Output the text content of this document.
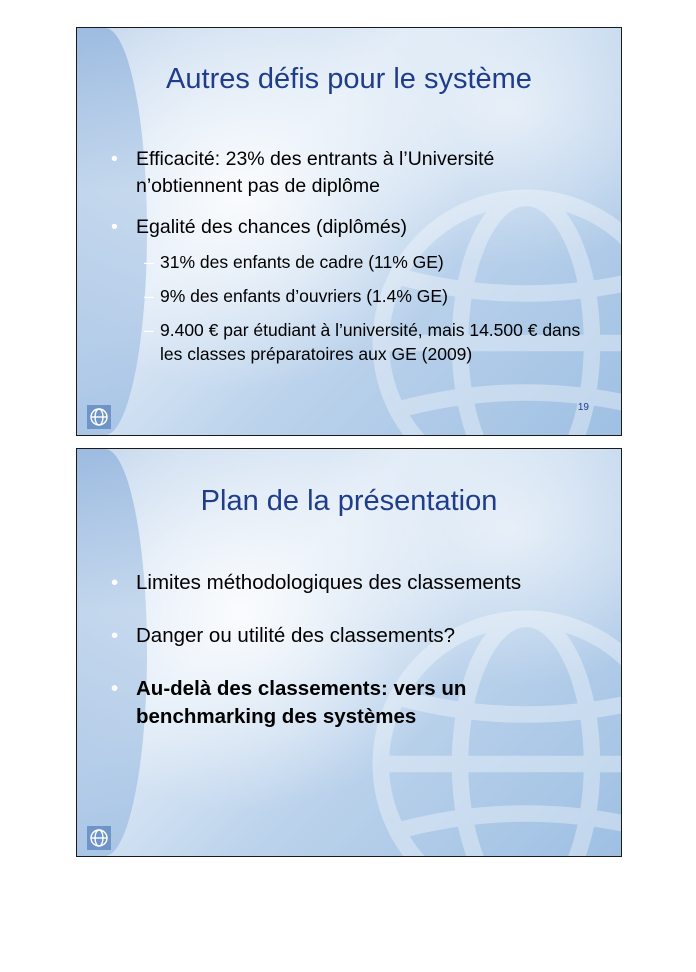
Autres défis pour le système
• Efficacité: 23% des entrants à l’Université n’obtiennent pas de diplôme
• Egalité des chances (diplômés)
– 31% des enfants de cadre (11% GE)
– 9% des enfants d’ouvriers (1.4% GE)
– 9.400 € par étudiant à l’université, mais 14.500 € dans les classes préparatoires aux GE (2009)
19
Plan de la présentation
• Limites méthodologiques des classements
• Danger ou utilité des classements?
• Au-delà des classements: vers un benchmarking des systèmes
